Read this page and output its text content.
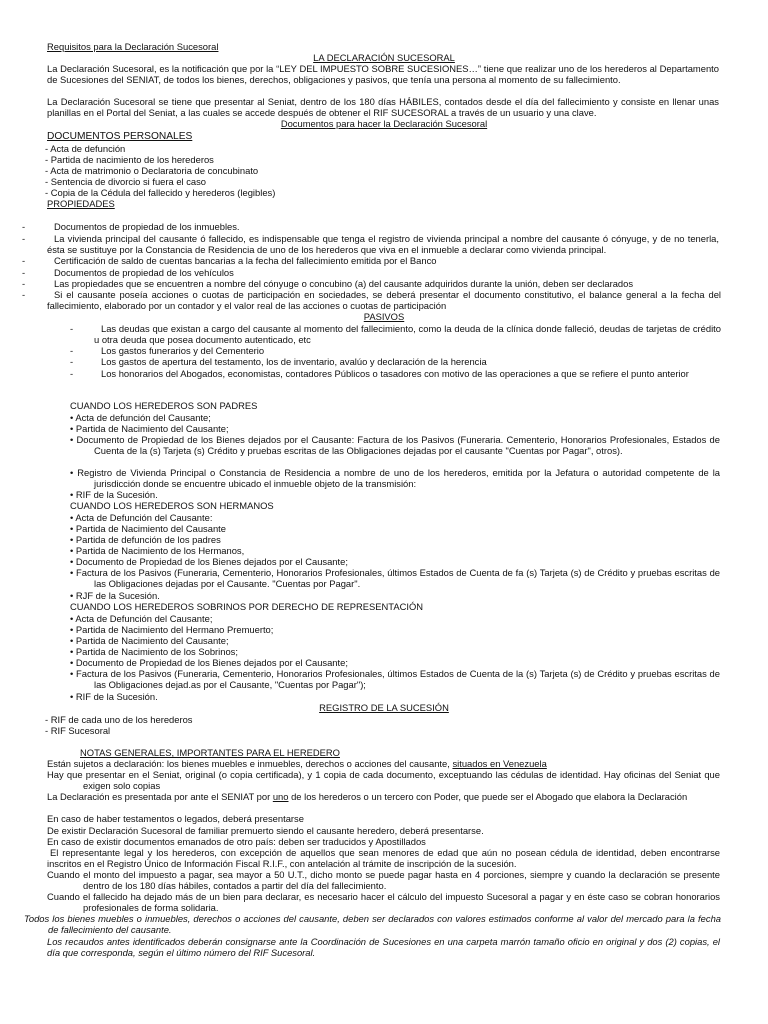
Requisitos para la Declaración Sucesoral
LA DECLARACIÓN SUCESORAL
La Declaración Sucesoral, es la notificación que por la “LEY DEL IMPUESTO SOBRE SUCESIONES…” tiene que realizar uno de los herederos al Departamento de Sucesiones del SENIAT, de todos los bienes, derechos, obligaciones y pasivos, que tenía una persona al momento de su fallecimiento.
La Declaración Sucesoral se tiene que presentar al Seniat, dentro de los 180 días HÁBILES, contados desde el día del fallecimiento y consiste en llenar unas planillas en el Portal del Seniat, a las cuales se accede después de obtener el RIF SUCESORAL a través de un usuario y una clave.
Documentos para hacer la Declaración Sucesoral
DOCUMENTOS PERSONALES
- Acta de defunción
- Partida de nacimiento de los herederos
- Acta de matrimonio o Declaratoria de concubinato
- Sentencia de divorcio si fuera el caso
- Copia de la Cédula del fallecido y herederos (legibles)
PROPIEDADES
-	Documentos de propiedad de los inmuebles.
-	La vivienda principal del causante ó fallecido, es indispensable que tenga el registro de vivienda principal a nombre del causante ó cónyuge, y de no tenerla, ésta se sustituye por la Constancia de Residencia de uno de los herederos que viva en el inmueble a declarar como vivienda principal.
-	Certificación de saldo de cuentas bancarias a la fecha del fallecimiento emitida por el Banco
-	Documentos de propiedad de los vehículos
-	Las propiedades que se encuentren a nombre del cónyuge o concubino (a) del causante adquiridos durante la unión, deben ser declarados
-	Si el causante poseía acciones o cuotas de participación en sociedades, se deberá presentar el documento constitutivo, el balance general a la fecha del fallecimiento, elaborado por un contador y el valor real de las acciones o cuotas de participación
PASIVOS
-	Las deudas que existan a cargo del causante al momento del fallecimiento, como la deuda de la clínica donde falleció, deudas de tarjetas de crédito u otra deuda que posea documento autenticado, etc
-	Los gastos funerarios y del Cementerio
-	Los gastos de apertura del testamento, los de inventario, avalúo y declaración de la herencia
-	Los honorarios del Abogados, economistas, contadores Públicos o tasadores con motivo de las operaciones a que se refiere el punto anterior
CUANDO LOS HEREDEROS SON PADRES
• Acta de defunción del Causante;
• Partida de Nacimiento del Causante;
• Documento de Propiedad de los Bienes dejados por el Causante: Factura de los Pasivos (Funeraria. Cementerio, Honorarios Profesionales, Estados de Cuenta de la (s) Tarjeta (s) Crédito y pruebas escritas de las Obligaciones dejadas por el causante "Cuentas por Pagar", otros).
• Registro de Vivienda Principal o Constancia de Residencia a nombre de uno de los herederos, emitida por la Jefatura o autoridad competente de la jurisdicción donde se encuentre ubicado el inmueble objeto de la transmisión:
• RIF de la Sucesión.
CUANDO LOS HEREDEROS SON HERMANOS
• Acta de Defunción del Causante:
• Partida de Nacimiento del Causante
• Partida de defunción de los padres
• Partida de Nacimiento de los Hermanos,
• Documento de Propiedad de los Bienes dejados por el Causante;
• Factura de los Pasivos (Funeraria, Cementerio, Honorarios Profesionales, últimos Estados de Cuenta de fa (s) Tarjeta (s) de Crédito y pruebas escritas de las Obligaciones dejadas por el Causante. "Cuentas por Pagar".
• RJF de la Sucesión.
CUANDO LOS HEREDEROS SOBRINOS POR DERECHO DE REPRESENTACIÓN
• Acta de Defunción del Causante;
• Partida de Nacimiento del Hermano Premuerto;
• Partida de Nacimiento del Causante;
• Partida de Nacimiento de los Sobrinos;
• Documento de Propiedad de los Bienes dejados por el Causante;
• Factura de los Pasivos (Funeraria, Cementerio, Honorarios Profesionales, últimos Estados de Cuenta de la (s) Tarjeta (s) de Crédito y pruebas escritas de las Obligaciones dejad.as por el Causante, "Cuentas por Pagar");
• RIF de la Sucesión.
REGISTRO DE LA SUCESIÓN
- RIF de cada uno de los herederos
- RIF Sucesoral
NOTAS GENERALES, IMPORTANTES PARA EL HEREDERO
Están sujetos a declaración: los bienes muebles e inmuebles, derechos o acciones del causante, situados en Venezuela
Hay que presentar en el Seniat, original (o copia certificada), y 1 copia de cada documento, exceptuando las cédulas de identidad. Hay oficinas del Seniat que exigen solo copias
La Declaración es presentada por ante el SENIAT por uno de los herederos o un tercero con Poder, que puede ser el Abogado que elabora la Declaración
En caso de haber testamentos o legados, deberá presentarse
De existir Declaración Sucesoral de familiar premuerto siendo el causante heredero, deberá presentarse.
En caso de existir documentos emanados de otro país: deben ser traducidos y Apostillados
El representante legal y los herederos, con excepción de aquellos que sean menores de edad que aún no posean cédula de identidad, deben encontrarse inscritos en el Registro Único de Información Fiscal R.I.F., con antelación al trámite de inscripción de la sucesión.
Cuando el monto del impuesto a pagar, sea mayor a 50 U.T., dicho monto se puede pagar hasta en 4 porciones, siempre y cuando la declaración se presente dentro de los 180 días hábiles, contados a partir del día del fallecimiento.
Cuando el fallecido ha dejado más de un bien para declarar, es necesario hacer el cálculo del impuesto Sucesoral a pagar y en éste caso se cobran honorarios profesionales de forma solidaria.
Todos los bienes muebles o inmuebles, derechos o acciones del causante, deben ser declarados con valores estimados conforme al valor del mercado para la fecha de fallecimiento del causante.
Los recaudos antes identificados deberán consignarse ante la Coordinación de Sucesiones en una carpeta marrón tamaño oficio en original y dos (2) copias, el día que corresponda, según el último número del RIF Sucesoral.
